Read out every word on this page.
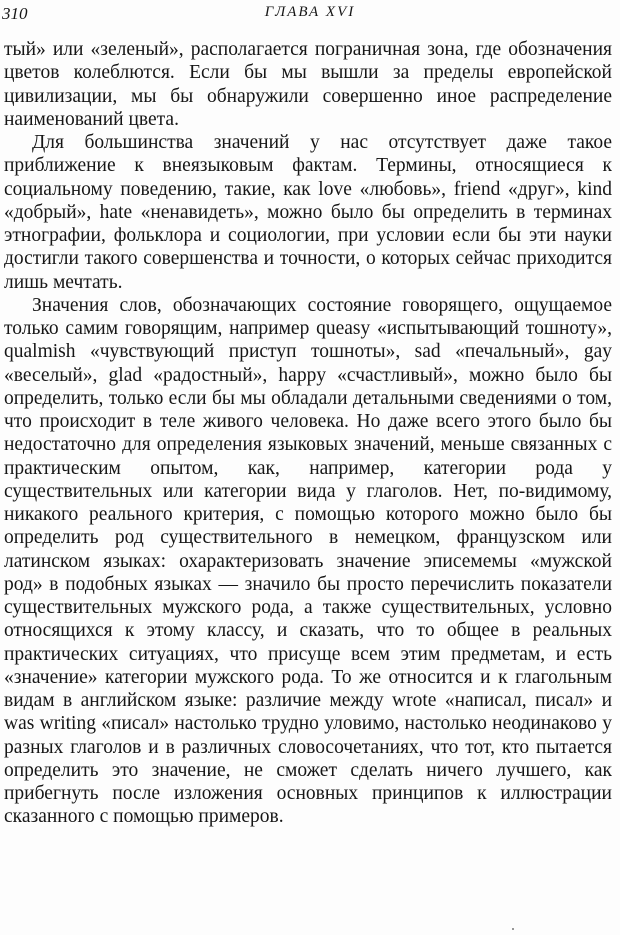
310	ГЛАВА XVI

тый» или «зеленый», располагается пограничная зона, где обозначения цветов колеблются. Если бы мы вышли за пределы европейской цивилизации, мы бы обнаружили совершенно иное распределение наименований цвета.

Для большинства значений у нас отсутствует даже такое приближение к внеязыковым фактам. Термины, относящиеся к социальному поведению, такие, как love «любовь», friend «друг», kind «добрый», hate «ненавидеть», можно было бы определить в терминах этнографии, фольклора и социологии, при условии если бы эти науки достигли такого совершенства и точности, о которых сейчас приходится лишь мечтать.

Значения слов, обозначающих состояние говорящего, ощущаемое только самим говорящим, например queasy «испытывающий тошноту», qualmish «чувствующий приступ тошноты», sad «печальный», gay «веселый», glad «радостный», happy «счастливый», можно было бы определить, только если бы мы обладали детальными сведениями о том, что происходит в теле живого человека. Но даже всего этого было бы недостаточно для определения языковых значений, меньше связанных с практическим опытом, как, например, категории рода у существительных или категории вида у глаголов. Нет, по-видимому, никакого реального критерия, с помощью которого можно было бы определить род существительного в немецком, французском или латинском языках: охарактеризовать значение эписемемы «мужской род» в подобных языках — значило бы просто перечислить показатели существительных мужского рода, а также существительных, условно относящихся к этому классу, и сказать, что то общее в реальных практических ситуациях, что присуще всем этим предметам, и есть «значение» категории мужского рода. То же относится и к глагольным видам в английском языке: различие между wrote «написал, писал» и was writing «писал» настолько трудно уловимо, настолько неодинаково у разных глаголов и в различных словосочетаниях, что тот, кто пытается определить это значение, не сможет сделать ничего лучшего, как прибегнуть после изложения основных принципов к иллюстрации сказанного с помощью примеров.
